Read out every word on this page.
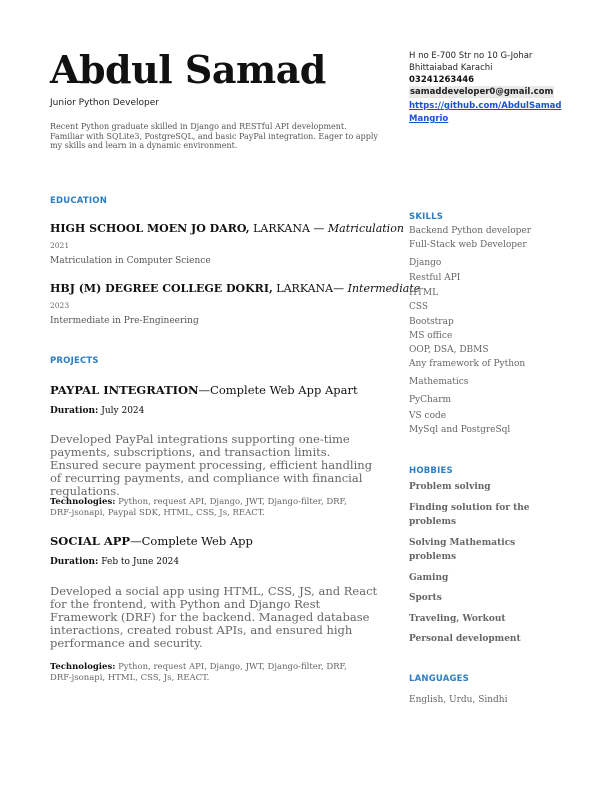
Abdul Samad
Junior Python Developer
Recent Python graduate skilled in Django and RESTful API development. Familiar with SQLite3, PostgreSQL, and basic PayPal integration. Eager to apply my skills and learn in a dynamic environment.
H no E-700 Str no 10 G-Johar
Bhittaiabad Karachi
03241263446
samaddeveloper0@gmail.com
https://github.com/AbdulSamadMangrio
EDUCATION
HIGH SCHOOL MOEN JO DARO, LARKANA — Matriculation
2021
Matriculation in Computer Science
HBJ (M) DEGREE COLLEGE DOKRI, LARKANA— Intermediate
2023
Intermediate in Pre-Engineering
PROJECTS
PAYPAL INTEGRATION—Complete Web App Apart
Duration: July 2024
Developed PayPal integrations supporting one-time payments, subscriptions, and transaction limits. Ensured secure payment processing, efficient handling of recurring payments, and compliance with financial regulations.
Technologies: Python, request API, Django, JWT, Django-filter, DRF, DRF-jsonapi, Paypal SDK, HTML, CSS, Js, REACT.
SOCIAL APP—Complete Web App
Duration: Feb to June 2024
Developed a social app using HTML, CSS, JS, and React for the frontend, with Python and Django Rest Framework (DRF) for the backend. Managed database interactions, created robust APIs, and ensured high performance and security.
Technologies: Python, request API, Django, JWT, Django-filter, DRF, DRF-jsonapi, HTML, CSS, Js, REACT.
SKILLS
Backend Python developer
Full-Stack web Developer
Django
Restful API
HTML
CSS
Bootstrap
MS office
OOP, DSA, DBMS
Any framework of Python
Mathematics
PyCharm
VS code
MySql and PostgreSql
HOBBIES
Problem solving
Finding solution for the problems
Solving Mathematics problems
Gaming
Sports
Traveling, Workout
Personal development
LANGUAGES
English, Urdu, Sindhi
